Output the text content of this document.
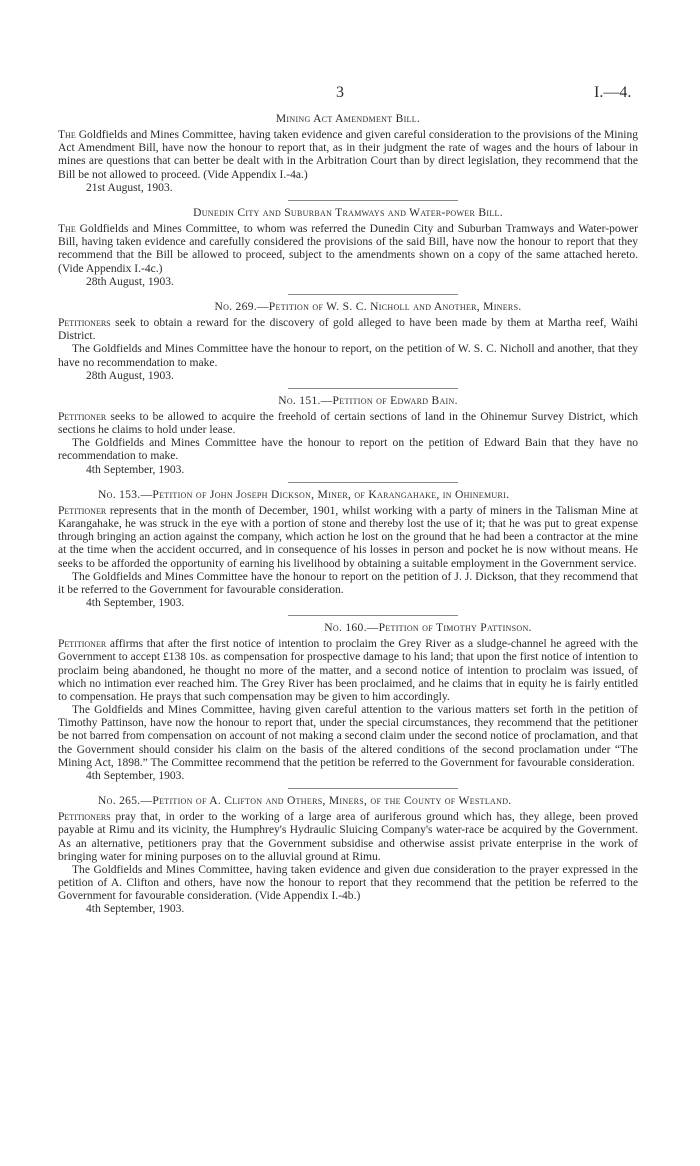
3	I.—4.
Mining Act Amendment Bill.

The Goldfields and Mines Committee, having taken evidence and given careful consideration to the provisions of the Mining Act Amendment Bill, have now the honour to report that, as in their judgment the rate of wages and the hours of labour in mines are questions that can better be dealt with in the Arbitration Court than by direct legislation, they recommend that the Bill be not allowed to proceed. (Vide Appendix I.-4a.)

21st August, 1903.
Dunedin City and Suburban Tramways and Water-power Bill.

The Goldfields and Mines Committee, to whom was referred the Dunedin City and Suburban Tramways and Water-power Bill, having taken evidence and carefully considered the provisions of the said Bill, have now the honour to report that they recommend that the Bill be allowed to proceed, subject to the amendments shown on a copy of the same attached hereto. (Vide Appendix I.-4c.)

28th August, 1903.
No. 269.—Petition of W. S. C. Nicholl and Another, Miners.

Petitioners seek to obtain a reward for the discovery of gold alleged to have been made by them at Martha reef, Waihi District.

The Goldfields and Mines Committee have the honour to report, on the petition of W. S. C. Nicholl and another, that they have no recommendation to make.

28th August, 1903.
No. 151.—Petition of Edward Bain.

Petitioner seeks to be allowed to acquire the freehold of certain sections of land in the Ohinemur Survey District, which sections he claims to hold under lease.

The Goldfields and Mines Committee have the honour to report on the petition of Edward Bain that they have no recommendation to make.

4th September, 1903.
No. 153.—Petition of John Joseph Dickson, Miner, of Karangahake, in Ohinemuri.

Petitioner represents that in the month of December, 1901, whilst working with a party of miners in the Talisman Mine at Karangahake, he was struck in the eye with a portion of stone and thereby lost the use of it; that he was put to great expense through bringing an action against the company, which action he lost on the ground that he had been a contractor at the mine at the time when the accident occurred, and in consequence of his losses in person and pocket he is now without means. He seeks to be afforded the opportunity of earning his livelihood by obtaining a suitable employment in the Government service.

The Goldfields and Mines Committee have the honour to report on the petition of J. J. Dickson, that they recommend that it be referred to the Government for favourable consideration.

4th September, 1903.
No. 160.—Petition of Timothy Pattinson.

Petitioner affirms that after the first notice of intention to proclaim the Grey River as a sludge-channel he agreed with the Government to accept £138 10s. as compensation for prospective damage to his land; that upon the first notice of intention to proclaim being abandoned, he thought no more of the matter, and a second notice of intention to proclaim was issued, of which no intimation ever reached him. The Grey River has been proclaimed, and he claims that in equity he is fairly entitled to compensation. He prays that such compensation may be given to him accordingly.

The Goldfields and Mines Committee, having given careful attention to the various matters set forth in the petition of Timothy Pattinson, have now the honour to report that, under the special circumstances, they recommend that the petitioner be not barred from compensation on account of not making a second claim under the second notice of proclamation, and that the Government should consider his claim on the basis of the altered conditions of the second proclamation under “The Mining Act, 1898.” The Committee recommend that the petition be referred to the Government for favourable consideration.

4th September, 1903.
No. 265.—Petition of A. Clifton and Others, Miners, of the County of Westland.

Petitioners pray that, in order to the working of a large area of auriferous ground which has, they allege, been proved payable at Rimu and its vicinity, the Humphrey's Hydraulic Sluicing Company's water-race be acquired by the Government. As an alternative, petitioners pray that the Government subsidise and otherwise assist private enterprise in the work of bringing water for mining purposes on to the alluvial ground at Rimu.

The Goldfields and Mines Committee, having taken evidence and given due consideration to the prayer expressed in the petition of A. Clifton and others, have now the honour to report that they recommend that the petition be referred to the Government for favourable consideration. (Vide Appendix I.-4b.)

4th September, 1903.
